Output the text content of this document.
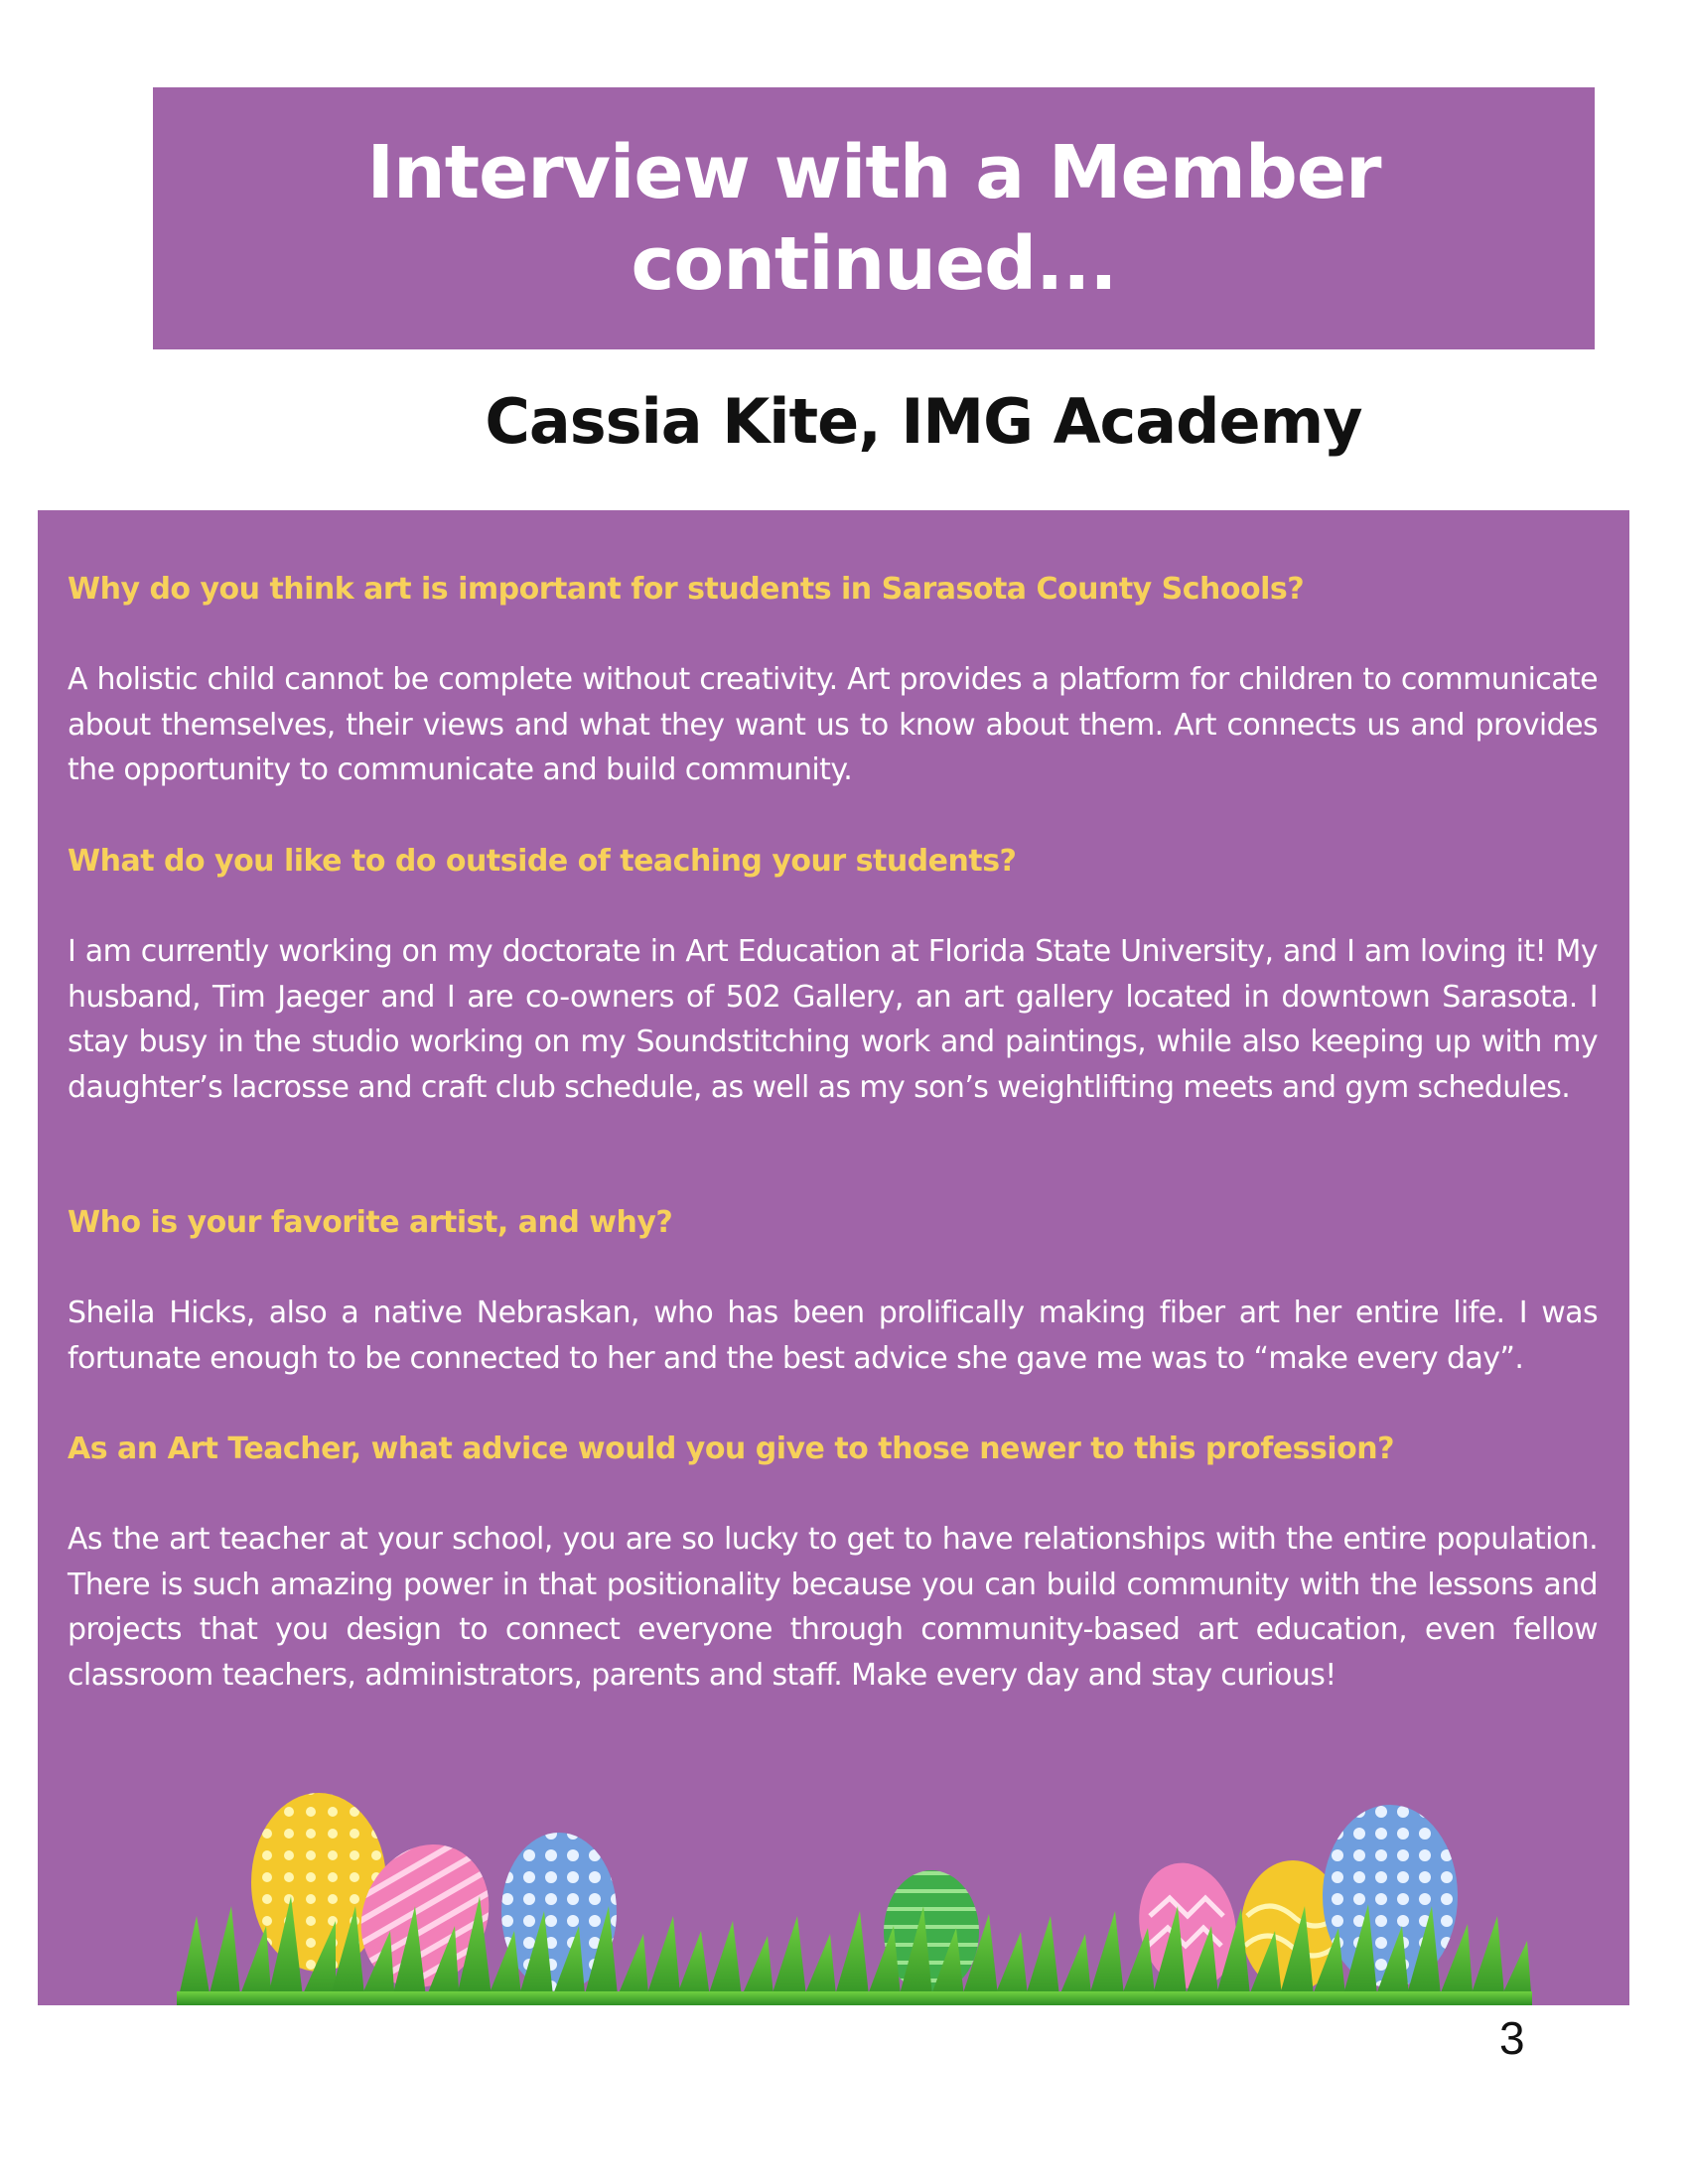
Interview with a Member
continued...
Cassia Kite, IMG Academy

Why do you think art is important for students in Sarasota County Schools?

A holistic child cannot be complete without creativity. Art provides a platform for children to communicate about themselves, their views and what they want us to know about them. Art connects us and provides the opportunity to communicate and build community.

What do you like to do outside of teaching your students?

I am currently working on my doctorate in Art Education at Florida State University, and I am loving it! My husband, Tim Jaeger and I are co-owners of 502 Gallery, an art gallery located in downtown Sarasota. I stay busy in the studio working on my Soundstitching work and paintings, while also keeping up with my daughter’s lacrosse and craft club schedule, as well as my son’s weightlifting meets and gym schedules.

Who is your favorite artist, and why?

Sheila Hicks, also a native Nebraskan, who has been prolifically making fiber art her entire life. I was fortunate enough to be connected to her and the best advice she gave me was to “make every day”.

As an Art Teacher, what advice would you give to those newer to this profession?

As the art teacher at your school, you are so lucky to get to have relationships with the entire population. There is such amazing power in that positionality because you can build community with the lessons and projects that you design to connect everyone through community-based art education, even fellow classroom teachers, administrators, parents and staff. Make every day and stay curious!

3
